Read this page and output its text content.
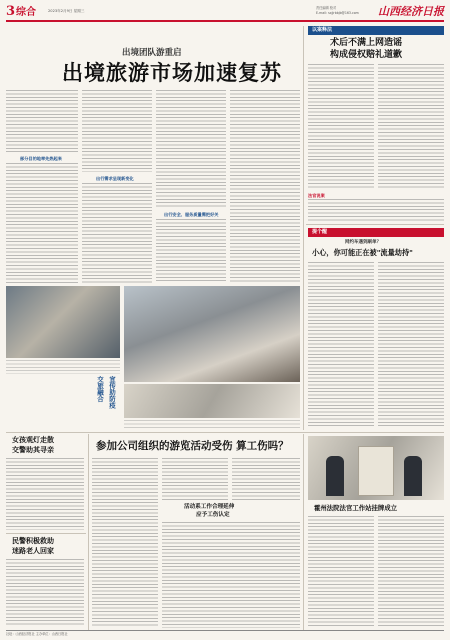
3 综合	2023年2月9日 星期三
责任编辑 校对
E-mail: sxjjrbbjb@163.com 山西经济日报
出境团队游重启
出境旅游市场加速复苏
部分目的地率先热起来
出行需求呈现新变化
出行安全、服务质量需把好关
交旅融合 宣传助防疫
以案释法
术后不满上网造谣
构成侵权赔礼道歉
法官说案
提个醒
网约车遇到刷单？
小心，你可能正在被"流量劫持"
女孩观灯走散
交警助其寻亲
民警积极救助
迷路老人回家
参加公司组织的游览活动受伤 算工伤吗？
活动系工作合理延伸
应予工伤认定
霍州法院法官工作站挂牌成立
社址：山西经济报社 主办单位：山西日报社
